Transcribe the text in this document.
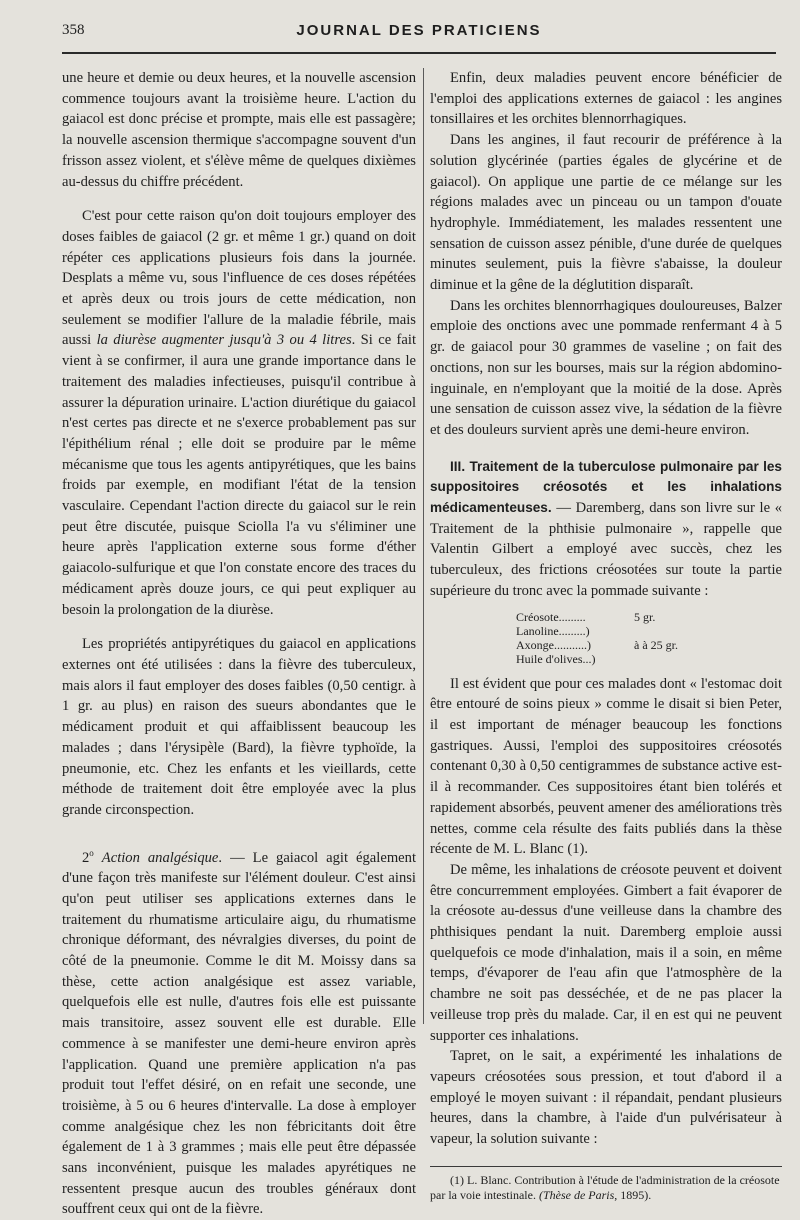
358	JOURNAL DES PRATICIENS

une heure et demie ou deux heures, et la nouvelle ascension commence toujours avant la troisième heure. L'action du gaiacol est donc précise et prompte, mais elle est passagère; la nouvelle ascension thermique s'accompagne souvent d'un frisson assez violent, et s'élève même de quelques dixièmes au-dessus du chiffre précédent.

C'est pour cette raison qu'on doit toujours employer des doses faibles de gaiacol (2 gr. et même 1 gr.) quand on doit répéter ces applications plusieurs fois dans la journée. Desplats a même vu, sous l'influence de ces doses répétées et après deux ou trois jours de cette médication, non seulement se modifier l'allure de la maladie fébrile, mais aussi la diurèse augmenter jusqu'à 3 ou 4 litres. Si ce fait vient à se confirmer, il aura une grande importance dans le traitement des maladies infectieuses, puisqu'il contribue à assurer la dépuration urinaire. L'action diurétique du gaiacol n'est certes pas directe et ne s'exerce probablement pas sur l'épithélium rénal ; elle doit se produire par le même mécanisme que tous les agents antipyrétiques, que les bains froids par exemple, en modifiant l'état de la tension vasculaire. Cependant l'action directe du gaiacol sur le rein peut être discutée, puisque Sciolla l'a vu s'éliminer une heure après l'application externe sous forme d'éther gaiacolo-sulfurique et que l'on constate encore des traces du médicament après douze jours, ce qui peut expliquer au besoin la prolongation de la diurèse.

Les propriétés antipyrétiques du gaiacol en applications externes ont été utilisées : dans la fièvre des tuberculeux, mais alors il faut employer des doses faibles (0,50 centigr. à 1 gr. au plus) en raison des sueurs abondantes que le médicament produit et qui affaiblissent beaucoup les malades ; dans l'érysipèle (Bard), la fièvre typhoïde, la pneumonie, etc. Chez les enfants et les vieillards, cette méthode de traitement doit être employée avec la plus grande circonspection.

2$^o$ Action analgésique. — Le gaiacol agit également d'une façon très manifeste sur l'élément douleur. C'est ainsi qu'on peut utiliser ses applications externes dans le traitement du rhumatisme articulaire aigu, du rhumatisme chronique déformant, des névralgies diverses, du point de côté de la pneumonie. Comme le dit M. Moissy dans sa thèse, cette action analgésique est assez variable, quelquefois elle est nulle, d'autres fois elle est puissante mais transitoire, assez souvent elle est durable. Elle commence à se manifester une demi-heure environ après l'application. Quand une première application n'a pas produit tout l'effet désiré, on en refait une seconde, une troisième, à 5 ou 6 heures d'intervalle. La dose à employer comme analgésique chez les non fébricitants doit être également de 1 à 3 grammes ; mais elle peut être dépassée sans inconvénient, puisque les malades apyrétiques ne ressentent presque aucun des troubles généraux dont souffrent ceux qui ont de la fièvre.

Enfin, deux maladies peuvent encore bénéficier de l'emploi des applications externes de gaiacol : les angines tonsillaires et les orchites blennorrhagiques.

Dans les angines, il faut recourir de préférence à la solution glycérinée (parties égales de glycérine et de gaiacol). On applique une partie de ce mélange sur les régions malades avec un pinceau ou un tampon d'ouate hydrophyle. Immédiatement, les malades ressentent une sensation de cuisson assez pénible, d'une durée de quelques minutes seulement, puis la fièvre s'abaisse, la douleur diminue et la gêne de la déglutition disparaît.

Dans les orchites blennorrhagiques douloureuses, Balzer emploie des onctions avec une pommade renfermant 4 à 5 gr. de gaiacol pour 30 grammes de vaseline ; on fait des onctions, non sur les bourses, mais sur la région abdomino-inguinale, en n'employant que la moitié de la dose. Après une sensation de cuisson assez vive, la sédation de la fièvre et des douleurs survient après une demi-heure environ.

III. Traitement de la tuberculose pulmonaire par les suppositoires créosotés et les inhalations médicamenteuses. — Daremberg, dans son livre sur le « Traitement de la phthisie pulmonaire », rappelle que Valentin Gilbert a employé avec succès, chez les tuberculeux, des frictions créosotées sur toute la partie supérieure du tronc avec la pommade suivante :

Créosote.........	5 gr.
Lanoline.........)
Axonge...........)	à à 25 gr.
Huile d'olives...)

Il est évident que pour ces malades dont « l'estomac doit être entouré de soins pieux » comme le disait si bien Peter, il est important de ménager beaucoup les fonctions gastriques. Aussi, l'emploi des suppositoires créosotés contenant 0,30 à 0,50 centigrammes de substance active est-il à recommander. Ces suppositoires étant bien tolérés et rapidement absorbés, peuvent amener des améliorations très nettes, comme cela résulte des faits publiés dans la thèse récente de M. L. Blanc (1).

De même, les inhalations de créosote peuvent et doivent être concurremment employées. Gimbert a fait évaporer de la créosote au-dessus d'une veilleuse dans la chambre des phthisiques pendant la nuit. Daremberg emploie aussi quelquefois ce mode d'inhalation, mais il a soin, en même temps, d'évaporer de l'eau afin que l'atmosphère de la chambre ne soit pas desséchée, et de ne pas placer la veilleuse trop près du malade. Car, il en est qui ne peuvent supporter ces inhalations.

Tapret, on le sait, a expérimenté les inhalations de vapeurs créosotées sous pression, et tout d'abord il a employé le moyen suivant : il répandait, pendant plusieurs heures, dans la chambre, à l'aide d'un pulvérisateur à vapeur, la solution suivante :

(1) L. Blanc. Contribution à l'étude de l'administration de la créosote par la voie intestinale. (Thèse de Paris, 1895).
